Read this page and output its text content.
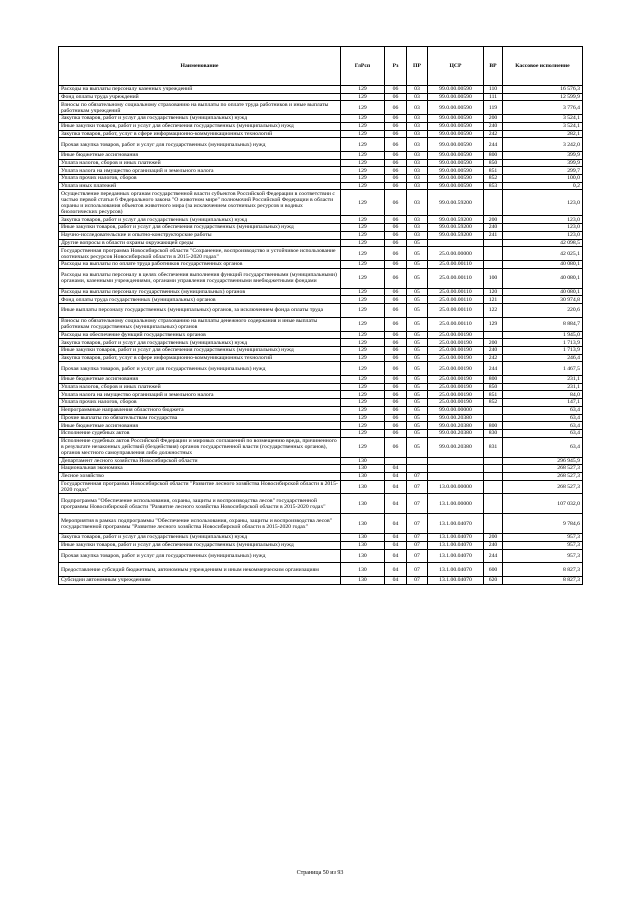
Наименование	ГлРсп	Рз	ПР	ЦСР	ВР	Кассовое исполнение
Расходы на выплаты персоналу казенных учреждений	129	06	03	99.0.00.00590	110	16 576,3
Фонд оплаты труда учреждений	129	06	03	99.0.00.00590	111	12 599,9
Взносы по обязательному социальному страхованию на выплаты по оплате труда работников и иные выплаты работникам учреждений	129	06	03	99.0.00.00590	119	3 776,4
Закупка товаров, работ и услуг для государственных (муниципальных) нужд	129	06	03	99.0.00.00590	200	3 524,1
Иные закупки товаров, работ и услуг для обеспечения государственных (муниципальных) нужд	129	06	03	99.0.00.00590	240	3 524,1
Закупка товаров, работ, услуг в сфере информационно-коммуникационных технологий	129	06	03	99.0.00.00590	242	282,1
Прочая закупка товаров, работ и услуг для государственных (муниципальных) нужд	129	06	03	99.0.00.00590	244	3 242,0
Иные бюджетные ассигнования	129	06	03	99.0.00.00590	800	399,9
Уплата налогов, сборов и иных платежей	129	06	03	99.0.00.00590	850	399,9
Уплата налога на имущество организаций и земельного налога	129	06	03	99.0.00.00590	851	299,7
Уплата прочих налогов, сборов	129	06	03	99.0.00.00590	852	100,0
Уплата иных платежей	129	06	03	99.0.00.00590	853	0,2
Осуществление переданных органам государственной власти субъектов Российской Федерации в соответствии с частью первой статьи 6 Федерального закона "О животном мире" полномочий Российской Федерации в области охраны и использования объектов животного мира (за исключением охотничьих ресурсов и водных биологических ресурсов)	129	06	03	99.0.00.59200		123,0
Закупка товаров, работ и услуг для государственных (муниципальных) нужд	129	06	03	99.0.00.59200	200	123,0
Иные закупки товаров, работ и услуг для обеспечения государственных (муниципальных) нужд	129	06	03	99.0.00.59200	240	123,0
Научно-исследовательские и опытно-конструкторские работы	129	06	03	99.0.00.59200	241	123,0
Другие вопросы в области охраны окружающей среды	129	06	05			42 098,5
Государственная программа Новосибирской области "Сохранение, воспроизводство и устойчивое использование охотничьих ресурсов Новосибирской области в 2015-2020 годах"	129	06	05	25.0.00.00000		42 025,1
Расходы на выплаты по оплате труда работников государственных органов	129	06	05	25.0.00.00110		40 080,1
Расходы на выплаты персоналу в целях обеспечения выполнения функций государственными (муниципальными) органами, казенными учреждениями, органами управления государственными внебюджетными фондами	129	06	05	25.0.00.00110	100	40 080,1
Расходы на выплаты персоналу государственных (муниципальных) органов	129	06	05	25.0.00.00110	120	40 080,1
Фонд оплаты труда государственных (муниципальных) органов	129	06	05	25.0.00.00110	121	30 974,8
Иные выплаты персоналу государственных (муниципальных) органов, за исключением фонда оплаты труда	129	06	05	25.0.00.00110	122	220,6
Взносы по обязательному социальному страхованию на выплаты денежного содержания и иные выплаты работникам государственных (муниципальных) органов	129	06	05	25.0.00.00110	129	8 884,7
Расходы на обеспечение функций государственных органов	129	06	05	25.0.00.00190		1 945,0
Закупка товаров, работ и услуг для государственных (муниципальных) нужд	129	06	05	25.0.00.00190	200	1 713,9
Иные закупки товаров, работ и услуг для обеспечения государственных (муниципальных) нужд	129	06	05	25.0.00.00190	240	1 713,9
Закупка товаров, работ, услуг в сфере информационно-коммуникационных технологий	129	06	05	25.0.00.00190	242	246,4
Прочая закупка товаров, работ и услуг для государственных (муниципальных) нужд	129	06	05	25.0.00.00190	244	1 467,5
Иные бюджетные ассигнования	129	06	05	25.0.00.00190	800	231,1
Уплата налогов, сборов и иных платежей	129	06	05	25.0.00.00190	850	231,1
Уплата налога на имущество организаций и земельного налога	129	06	05	25.0.00.00190	851	84,0
Уплата прочих налогов, сборов	129	06	05	25.0.00.00190	852	147,1
Непрограммные направления областного бюджета	129	06	05	99.0.00.00000		63,4
Прочие выплаты по обязательствам государства	129	06	05	99.0.00.20380		63,4
Иные бюджетные ассигнования	129	06	05	99.0.00.20380	800	63,4
Исполнение судебных актов	129	06	05	99.0.00.20380	830	63,4
Исполнение судебных актов Российской Федерации и мировых соглашений по возмещению вреда, причиненного в результате незаконных действий (бездействия) органов государственной власти (государственных органов), органов местного самоуправления либо должностных	129	06	05	99.0.00.20380	831	63,4
Департамент лесного хозяйства Новосибирской области	130					296 945,9
Национальная экономика	130	04				268 527,3
Лесное хозяйство	130	04	07			268 527,3
Государственная программа Новосибирской области "Развитие лесного хозяйства Новосибирской области в 2015-2020 годах"	130	04	07	13.0.00.00000		268 527,3
Подпрограмма "Обеспечение использования, охраны, защиты и воспроизводства лесов" государственной программы Новосибирской области "Развитие лесного хозяйства Новосибирской области в 2015-2020 годах"	130	04	07	13.1.00.00000		107 032,0
Мероприятия в рамках подпрограммы "Обеспечение использования, охраны, защиты и воспроизводства лесов" государственной программы "Развитие лесного хозяйства Новосибирской области в 2015-2020 годах"	130	04	07	13.1.00.04070		9 784,6
Закупка товаров, работ и услуг для государственных (муниципальных) нужд	130	04	07	13.1.00.04070	200	957,3
Иные закупки товаров, работ и услуг для обеспечения государственных (муниципальных) нужд	130	04	07	13.1.00.04070	240	957,3
Прочая закупка товаров, работ и услуг для государственных (муниципальных) нужд	130	04	07	13.1.00.04070	244	957,3
Предоставление субсидий бюджетным, автономным учреждениям и иным некоммерческим организациям	130	04	07	13.1.00.04070	600	8 827,3
Субсидии автономным учреждениям	130	04	07	13.1.00.04070	620	8 827,3
Страница 50 из 93
